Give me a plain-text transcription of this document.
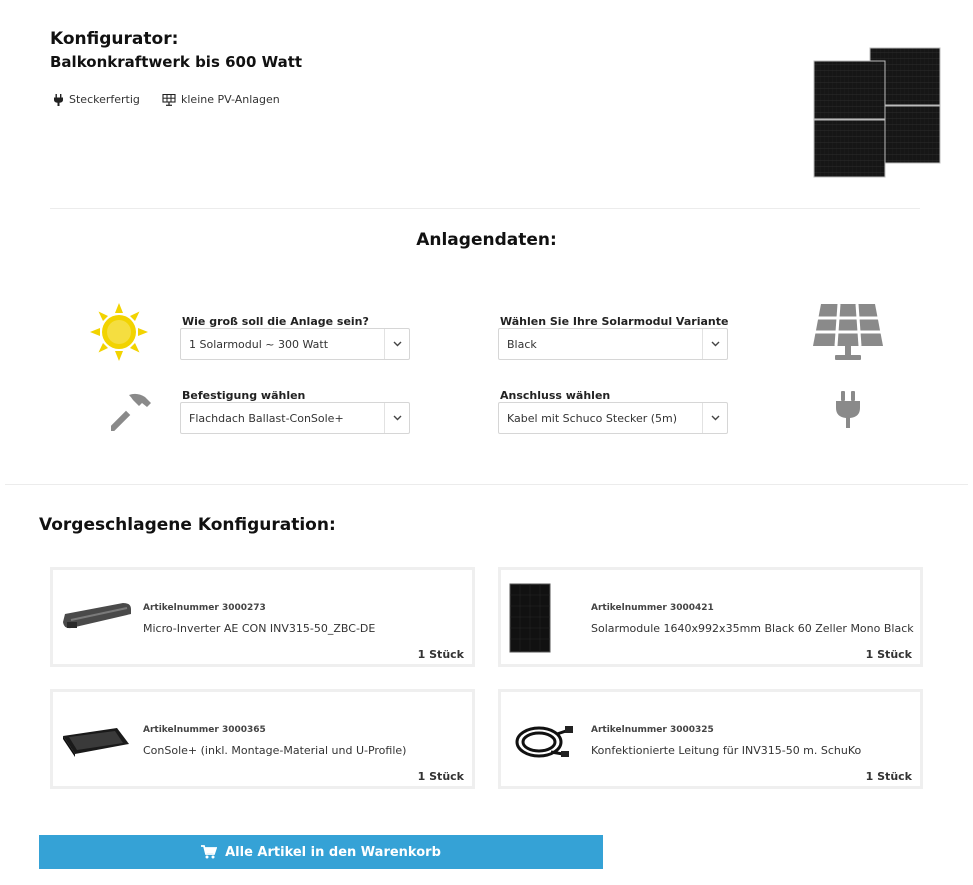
Konfigurator:
Balkonkraftwerk bis 600 Watt
Steckerfertig	kleine PV-Anlagen
Anlagendaten:
Wie groß soll die Anlage sein?
1 Solarmodul ~ 300 Watt
Wählen Sie Ihre Solarmodul Variante
Black
Befestigung wählen
Flachdach Ballast-ConSole+
Anschluss wählen
Kabel mit Schuco Stecker (5m)
Vorgeschlagene Konfiguration:
Artikelnummer 3000273
Micro-Inverter AE CON INV315-50_ZBC-DE
1 Stück
Artikelnummer 3000421
Solarmodule 1640x992x35mm Black 60 Zeller Mono Black
1 Stück
Artikelnummer 3000365
ConSole+ (inkl. Montage-Material und U-Profile)
1 Stück
Artikelnummer 3000325
Konfektionierte Leitung für INV315-50 m. SchuKo
1 Stück
Alle Artikel in den Warenkorb
